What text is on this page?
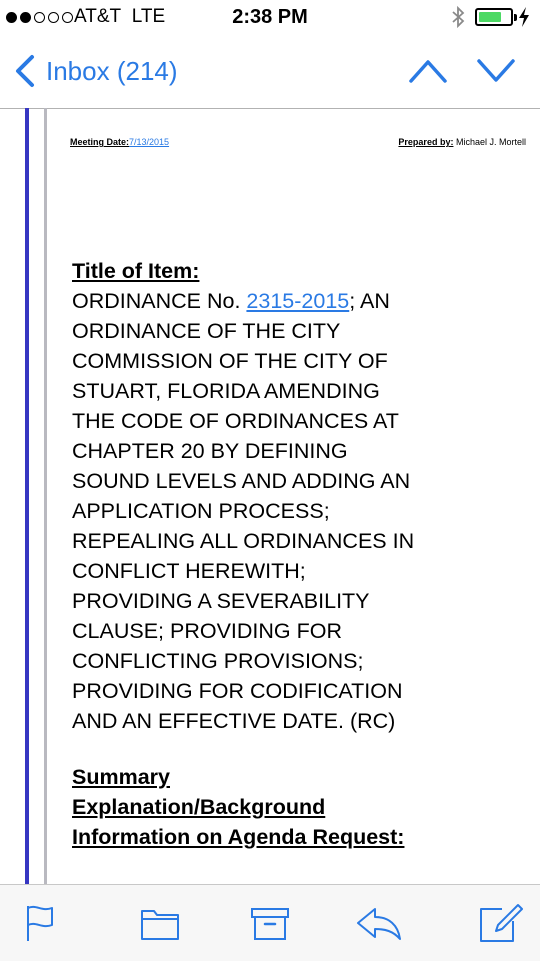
AT&T LTE	2:38 PM
Inbox (214)
Meeting Date:7/13/2015	Prepared by: Michael J. Mortell
Title of Item:

ORDINANCE No. 2315-2015; AN

ORDINANCE OF THE CITY

COMMISSION OF THE CITY OF

STUART, FLORIDA AMENDING

THE CODE OF ORDINANCES AT

CHAPTER 20 BY DEFINING

SOUND LEVELS AND ADDING AN

APPLICATION PROCESS;

REPEALING ALL ORDINANCES IN

CONFLICT HEREWITH;

PROVIDING A SEVERABILITY

CLAUSE; PROVIDING FOR

CONFLICTING PROVISIONS;

PROVIDING FOR CODIFICATION

AND AN EFFECTIVE DATE. (RC)

Summary

Explanation/Background

Information on Agenda Request:
